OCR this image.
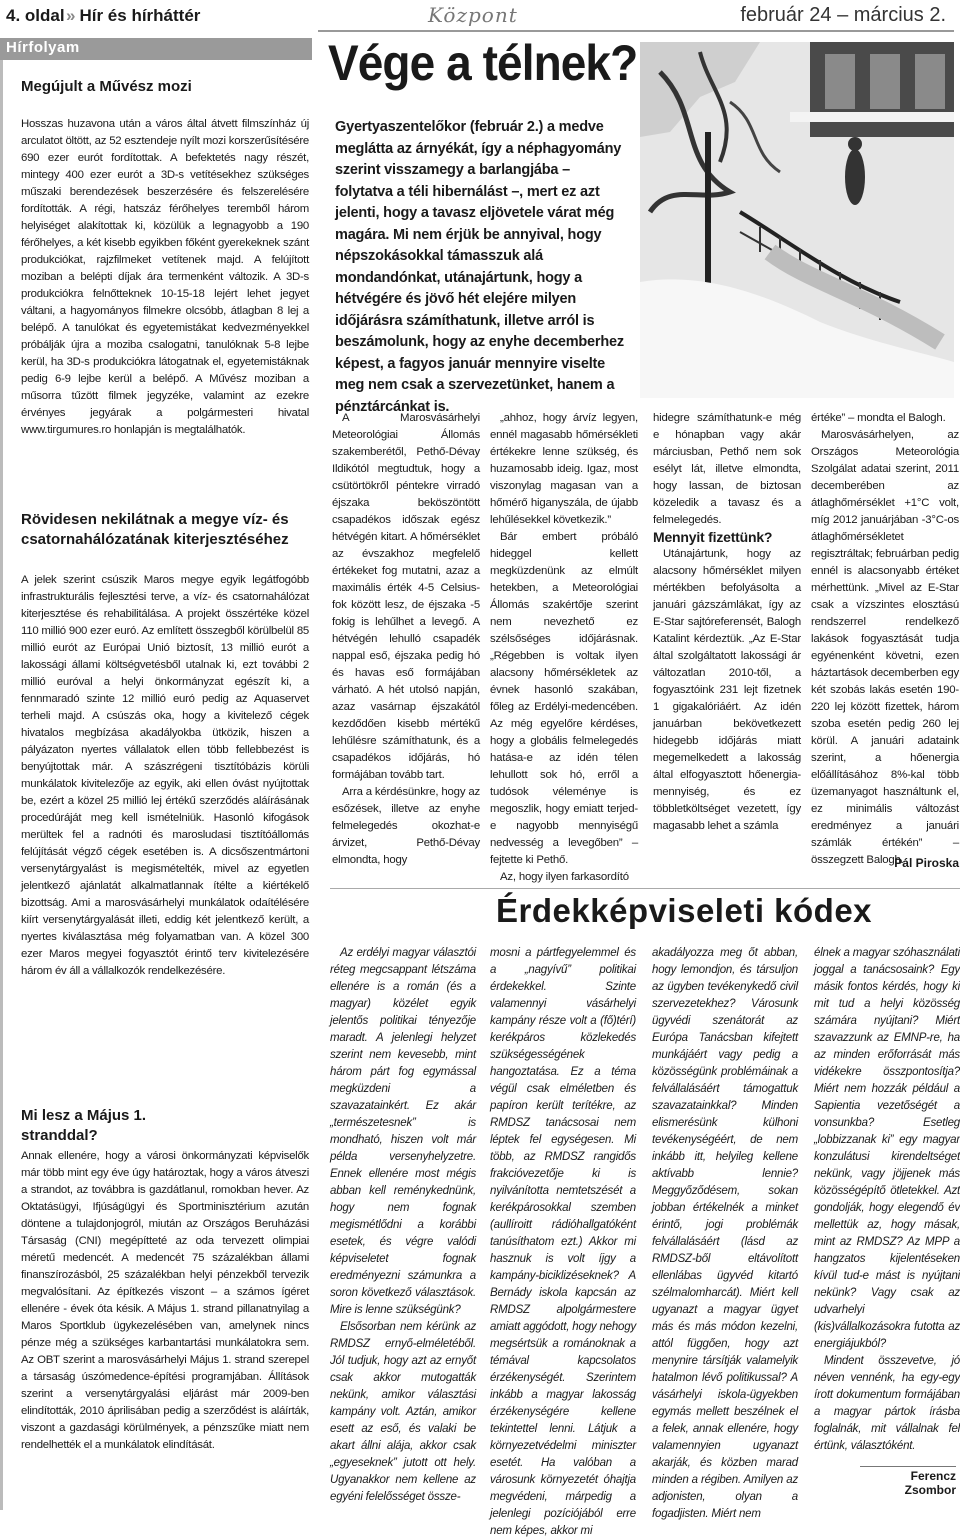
4. oldal » Hír és hírháttér	Központ	február 24 – március 2.
Hírfolyam
Megújult a Művész mozi

Hosszas huzavona után a város által átvett filmszínház új arculatot öltött, az 52 esztendeje nyílt mozi korszerűsítésére 690 ezer eurót fordítottak. A befektetés nagy részét, mintegy 400 ezer eurót a 3D-s vetítésekhez szükséges műszaki berendezések beszerzésére és felszerelésére fordították. A régi, hatszáz férőhelyes teremből három helyiséget alakítottak ki, közülük a legnagyobb a 190 férőhelyes, a két kisebb egyikben főként gyerekeknek szánt produkciókat, rajzfilmeket vetítenek majd. A felújított moziban a belépti díjak ára termenként változik. A 3D-s produkciókra felnőtteknek 10-15-18 lejért lehet jegyet váltani, a hagyományos filmekre olcsóbb, átlagban 8 lej a belépő. A tanulókat és egyetemistákat kedvezményekkel próbálják újra a moziba csalogatni, tanulóknak 5-8 lejbe kerül, ha 3D-s produkciókra látogatnak el, egyetemistáknak pedig 6-9 lejbe kerül a belépő. A Művész moziban a műsorra tűzött filmek jegyzéke, valamint az ezekre érvényes jegyárak a polgármesteri hivatal www.tirgumures.ro honlapján is megtalálhatók.

Rövidesen nekilátnak a megye víz- és csatornahálózatának kiterjesztéséhez

A jelek szerint csúszik Maros megye egyik legátfogóbb infrastrukturális fejlesztési terve, a víz- és csatornahálózat kiterjesztése és rehabilitálása. A projekt összértéke közel 110 millió 900 ezer euró. Az említett összegből körülbelül 85 millió eurót az Európai Unió biztosít, 13 millió eurót a lakossági állami költségvetésből utalnak ki, ezt további 2 millió euróval a helyi önkormányzat egészít ki, a fennmaradó szinte 12 millió euró pedig az Aquaservet terheli majd. A csúszás oka, hogy a kivitelező cégek hivatalos megbízása akadályokba ütközik, hiszen a pályázaton nyertes vállalatok ellen több fellebbezést is benyújtottak már. A szászrégeni tisztítóbázis körüli munkálatok kivitelezője az egyik, aki ellen óvást nyújtottak be, ezért a közel 25 millió lej értékű szerződés aláírásának procedúráját meg kell ismételniük. Hasonló kifogások merültek fel a radnóti és marosludasi tisztítóállomás felújítását végző cégek esetében is. A dicsőszentmártoni versenytárgyalást is megismételték, mivel az egyetlen jelentkező ajánlatát alkalmatlannak ítélte a kiértékelő bizottság. Ami a marosvásárhelyi munkálatok odaítélésére kiírt versenytárgyalását illeti, eddig két jelentkező került, a nyertes kiválasztása még folyamatban van. A közel 300 ezer Maros megyei fogyasztót érintő terv kivitelezésére három év áll a vállalkozók rendelkezésére.

Mi lesz a Május 1. stranddal?

Annak ellenére, hogy a városi önkormányzati képviselők már több mint egy éve úgy határoztak, hogy a város átveszi a strandot, az továbbra is gazdátlanul, romokban hever. Az Oktatásügyi, Ifjúságügyi és Sportminisztérium azután döntene a tulajdonjogról, miután az Országos Beruházási Társaság (CNI) megépítteté az oda tervezett olimpiai méretű medencét. A medencét 75 százalékban állami finanszírozásból, 25 százalékban helyi pénzekből tervezik megvalósítani. Az építkezés viszont – a számos ígéret ellenére - évek óta késik. A Május 1. strand pillanatnyilag a Maros Sportklub ügykezelésében van, amelynek nincs pénze még a szükséges karbantartási munkálatokra sem. Az OBT szerint a marosvásárhelyi Május 1. strand szerepel a társaság úszómedence-építési programjában. Állítások szerint a versenytárgyalási eljárást már 2009-ben elindították, 2010 áprilisában pedig a szerződést is aláírták, viszont a gazdasági körülmények, a pénzszűke miatt nem rendelhették el a munkálatok elindítását.

Vége a télnek?
Gyertyaszentelőkor (február 2.) a medve meglátta az árnyékát, így a néphagyomány szerint visszamegy a barlangjába – folytatva a téli hibernálást –, mert ez azt jelenti, hogy a tavasz eljövetele várat még magára. Mi nem érjük be annyival, hogy népszokásokkal támasszuk alá mondandónkat, utánajártunk, hogy a hétvégére és jövő hét elejére milyen időjárásra számíthatunk, illetve arról is beszámolunk, hogy az enyhe decemberhez képest, a fagyos január mennyire viselte meg nem csak a szervezetünket, hanem a pénztárcánkat is.

A Marosvásárhelyi Meteorológiai Állomás szakemberétől, Pethő-Dévay Ildikótól megtudtuk, hogy a csütörtökről péntekre virradó éjszaka beköszöntött csapadékos időszak egész hétvégén kitart. A hőmérséklet az évszakhoz megfelelő értékeket fog mutatni, azaz a maximális érték 4-5 Celsius-fok között lesz, de éjszaka -5 fokig is lehűlhet a levegő. A hétvégén lehulló csapadék nappal eső, éjszaka pedig hó és havas eső formájában várható. A hét utolsó napján, azaz vasárnap éjszakától kezdődően kisebb mértékű lehűlésre számíthatunk, és a csapadékos időjárás, hó formájában tovább tart.

Arra a kérdésünkre, hogy az esőzések, illetve az enyhe felmelegedés okozhat-e árvizet, Pethő-Dévay elmondta, hogy

„ahhoz, hogy árvíz legyen, ennél magasabb hőmérsékleti értékekre lenne szükség, és huzamosabb ideig. Igaz, most viszonylag magasan van a hőmérő higanyszála, de újabb lehűlésekkel következik.”

Bár embert próbáló hideggel kellett megküzdenünk az elmúlt hetekben, a Meteorológiai Állomás szakértője szerint nem nevezhető ez szélsőséges időjárásnak. „Régebben is voltak ilyen alacsony hőmérsékletek az évnek hasonló szakában, főleg az Erdélyi-medencében. Az még egyelőre kérdéses, hogy a globális felmelegedés hatása-e az idén télen lehullott sok hó, erről a tudósok véleménye is megoszlik, hogy emiatt terjed-e nagyobb mennyiségű nedvesség a levegőben” – fejtette ki Pethő.

Az, hogy ilyen farkasordító

hidegre számíthatunk-e még e hónapban vagy akár márciusban, Pethő nem sok esélyt lát, illetve elmondta, hogy lassan, de biztosan közeledik a tavasz és a felmelegedés.

Mennyit fizettünk?

Utánajártunk, hogy az alacsony hőmérséklet milyen mértékben befolyásolta a januári gázszámlákat, így az E-Star sajtóreferensét, Balogh Katalint kérdeztük. „Az E-Star által szolgáltatott lakossági ár változatlan 2010-től, a fogyasztóink 231 lejt fizetnek 1 gigakalóriáért. Az idén januárban bekövetkezett hidegebb időjárás miatt megemelkedett a lakosság által elfogyasztott hőenergia-mennyiség, és ez többletköltséget vezetett, így magasabb lehet a számla

értéke” – mondta el Balogh.

Marosvásárhelyen, az Országos Meteorológia Szolgálat adatai szerint, 2011 decemberében az átlaghőmérséklet +1°C volt, míg 2012 januárjában -3°C-os átlaghőmérsékletet regisztráltak; februárban pedig ennél is alacsonyabb értéket mérhettünk. „Mivel az E-Star csak a vízszintes elosztású rendszerrel rendelkező lakások fogyasztását tudja egyénenként követni, ezen háztartások decemberben egy két szobás lakás esetén 190-220 lej között fizettek, három szoba esetén pedig 260 lej körül. A januári adataink szerint, a hőenergia előállításához 8%-kal több üzemanyagot használtunk el, ez minimális változást eredményez a januári számlák értékén” – összegzett Balogh.

Pál Piroska
Érdekképviseleti kódex

Az erdélyi magyar választói réteg megcsappant létszáma ellenére is a román (és a magyar) közélet egyik jelentős politikai tényezője maradt. A jelenlegi helyzet szerint nem kevesebb, mint három párt fog egymással megküzdeni a szavazatainkért. Ez akár „természetesnek” is mondható, hiszen volt már példa versenyhelyzetre. Ennek ellenére most mégis abban kell reménykednünk, hogy nem fognak megismétlődni a korábbi esetek, és végre valódi képviseletet fognak eredményezni számunkra a soron következő választások. Mire is lenne szükségünk?

Elsősorban nem kérünk az RMDSZ ernyő-elméletéből. Jól tudjuk, hogy azt az ernyőt csak akkor mutogatták nekünk, amikor választási kampány volt. Aztán, amikor esett az eső, és valaki be akart állni alája, akkor csak „egyeseknek” jutott ott hely. Ugyanakkor nem kellene az egyéni felelősséget össze-

mosni a pártfegyelemmel és a „nagyívű” politikai érdekekkel. Szinte valamennyi vásárhelyi kampány része volt a (fő)térí) kerékpáros közlekedés szükségességének hangoztatása. Ez a téma végül csak elméletben és papíron került terítékre, az RMDSZ tanácsosai nem léptek fel egységesen. Mi több, az RMDSZ rangidős frakcióvezetője ki is nyilvánította nemtetszését a kerékpárosokkal szemben (aullíroitt rádióhallgatóként tanúsíthatom ezt.) Akkor mi hasznuk is volt íjgy a kampány-biciklizéseknek? A Bernády iskola kapcsán az RMDSZ alpolgármestere amiatt aggódott, hogy nehogy megsértsük a románoknak a témával kapcsolatos érzékenységét. Szerintem inkább a magyar lakosság érzékenységére kellene tekintettel lenni. Látjuk a környezetvédelmi miniszter esetét. Ha valóban a városunk környezetét óhajtja megvédeni, márpedig a jelenlegi pozíciójából erre nem képes, akkor mi

akadályozza meg őt abban, hogy lemondjon, és társuljon az ügyben tevékenykedő civil szervezetekhez? Városunk ügyvédi szenátorát az Európa Tanácsban kifejtett munkájáért vagy pedig a közösségünk problémáinak a felvállalásáért támogattuk szavazatainkkal? Minden elismerésünk külhoni tevékenységéért, de nem inkább itt, helyileg kellene aktívabb lennie? Meggyőződésem, sokan jobban értékelnék a minket érintő, jogi problémák felvállalásáért (lásd az RMDSZ-ből eltávolított ellenlábas ügyvéd kitartó szélmalomharcát). Miért kell ugyanazt a magyar ügyet más és más módon kezelni, attól függően, hogy azt menynire társítják valamelyik hatalmon lévő politikussal? A vásárhelyi iskola-ügyekben egymás mellett beszélnek el a felek, annak ellenére, hogy valamennyien ugyanazt akarják, és közben marad minden a régiben. Amilyen az adjonisten, olyan a fogadjisten. Miért nem

élnek a magyar szóhasználati joggal a tanácsosaink? Egy másik fontos kérdés, hogy ki mit tud a helyi közösség számára nyújtani? Miért szavazzunk az EMNP-re, ha az minden erőforrását más vidékekre összpontosítja? Miért nem hozzák például a Sapientia vezetőségét a vonsunkba? Esetleg „lobbizzanak ki” egy magyar konzulátusi kirendeltséget nekünk, vagy jöjjenek más közösségépítő ötletekkel. Azt gondolják, hogy elegendő év mellettük az, hogy másak, mint az RMDSZ? Az MPP a hangzatos kijelentéseken kívül tud-e mást is nyújtani nekünk? Vagy csak az udvarhelyi (kis)vállalkozásokra futotta az energiájukból?

Mindent összevetve, jó néven vennénk, ha egy-egy írott dokumentum formájában a magyar pártok írásba foglalnák, mit vállalnak fel értünk, választóként.

Ferencz Zsombor
